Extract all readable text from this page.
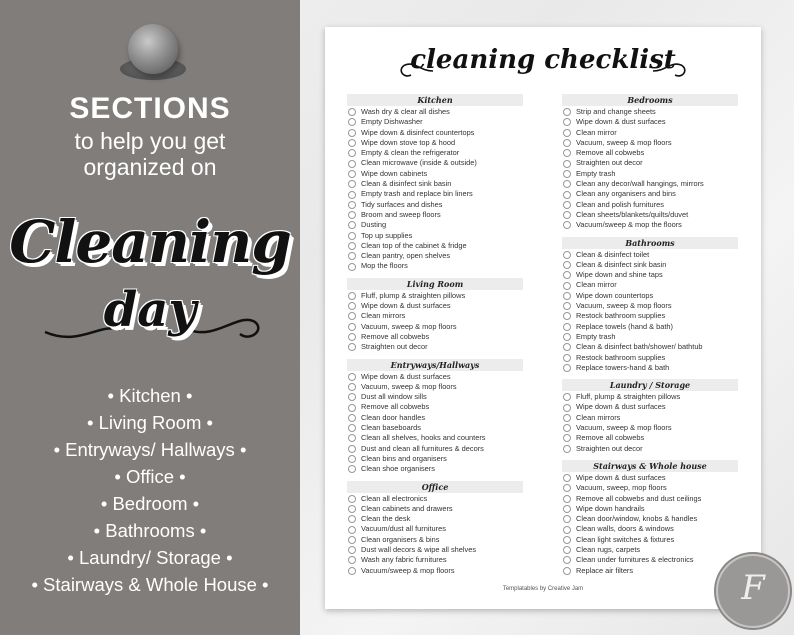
SECTIONS
to help you get
organized on
Cleaning
day
• Kitchen •
• Living Room •
• Entryways/ Hallways •
• Office •
• Bedroom •
• Bathrooms •
• Laundry/ Storage •
• Stairways & Whole House •
cleaning checklist
Kitchen
Wash dry & clear all dishes
Empty Dishwasher
Wipe down & disinfect countertops
Wipe down stove top & hood
Empty & clean the refrigerator
Clean microwave (inside & outside)
Wipe down cabinets
Clean & disinfect sink basin
Empty trash and replace bin liners
Tidy surfaces and dishes
Broom and sweep floors
Dusting
Top up supplies
Clean top of the cabinet & fridge
Clean pantry, open shelves
Mop the floors
Living Room
Fluff, plump & straighten pillows
Wipe down & dust surfaces
Clean mirrors
Vacuum, sweep & mop floors
Remove all cobwebs
Straighten out decor
Entryways/Hallways
Wipe down & dust surfaces
Vacuum, sweep & mop floors
Dust all window sills
Remove all cobwebs
Clean door handles
Clean baseboards
Clean all shelves, hooks and counters
Dust and clean all furnitures & decors
Clean bins and organisers
Clean shoe organisers
Office
Clean all electronics
Clean cabinets and drawers
Clean the desk
Vacuum/dust all furnitures
Clean organisers & bins
Dust wall decors & wipe all shelves
Wash any fabric furnitures
Vacuum/sweep & mop floors
Bedrooms
Strip and change sheets
Wipe down & dust surfaces
Clean mirror
Vacuum, sweep & mop floors
Remove all cobwebs
Straighten out decor
Empty trash
Clean any decor/wall hangings, mirrors
Clean any organisers and bins
Clean and polish furnitures
Clean sheets/blankets/quilts/duvet
Vacuum/sweep & mop the floors
Bathrooms
Clean & disinfect toilet
Clean & disinfect sink basin
Wipe down and shine taps
Clean mirror
Wipe down countertops
Vacuum, sweep & mop floors
Restock bathroom supplies
Replace towels (hand & bath)
Empty trash
Clean & disinfect bath/shower/ bathtub
Restock bathroom supplies
Replace towers-hand & bath
Laundry / Storage
Fluff, plump & straighten pillows
Wipe down & dust surfaces
Clean mirrors
Vacuum, sweep & mop floors
Remove all cobwebs
Straighten out decor
Stairways & Whole house
Wipe down & dust surfaces
Vacuum, sweep, mop floors
Remove all cobwebs and dust ceilings
Wipe down handrails
Clean door/window, knobs & handles
Clean walls, doors & windows
Clean light switches & fixtures
Clean rugs, carpets
Clean under furnitures & electronics
Replace air filters
Templatables by Creative Jam	F
